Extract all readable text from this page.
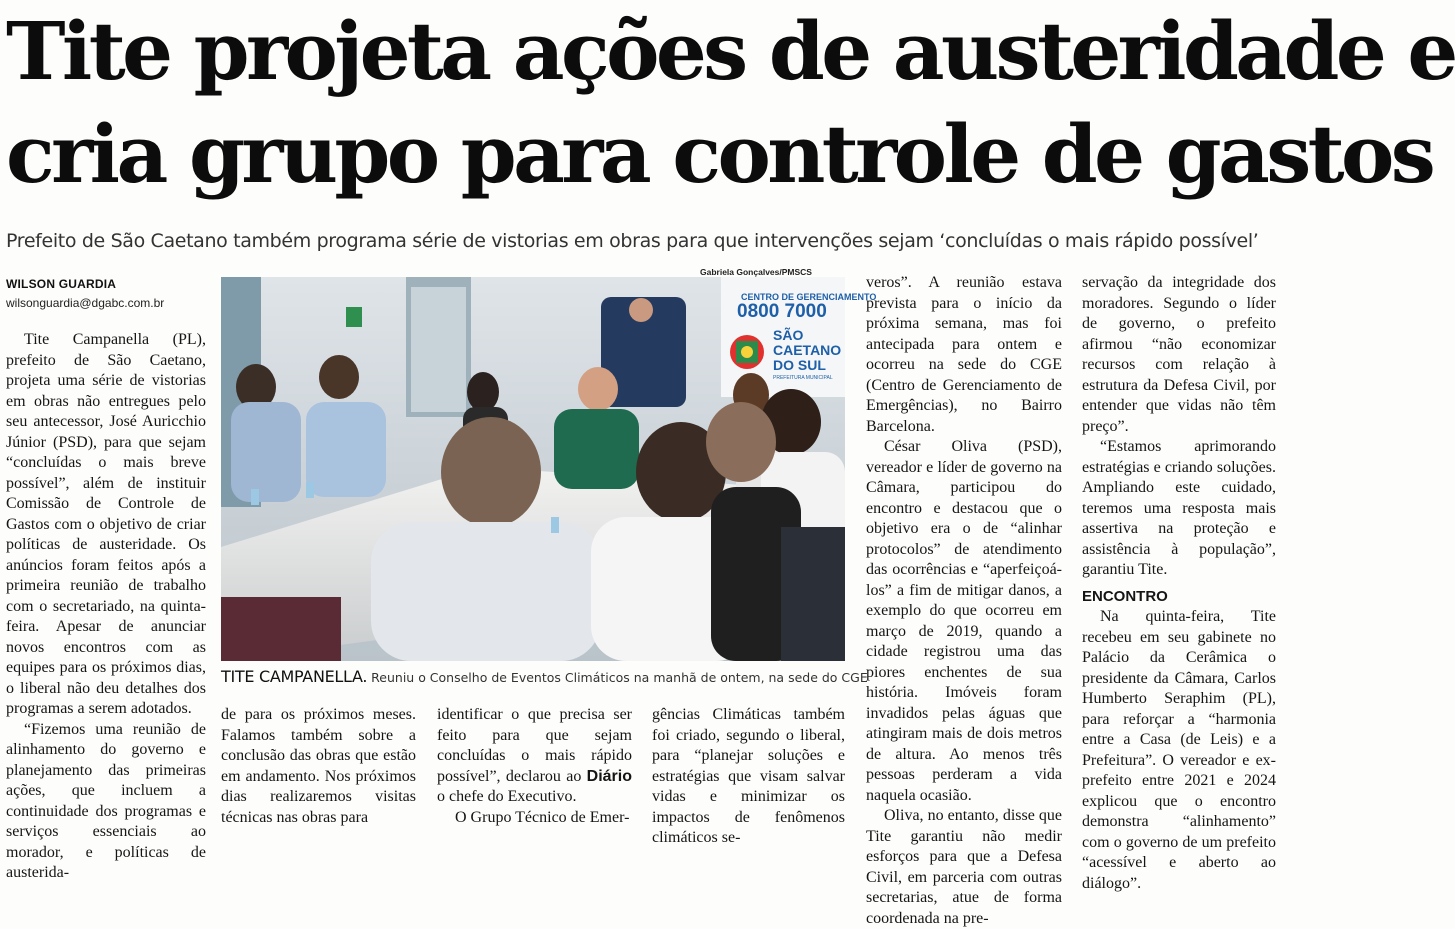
Tite projeta ações de austeridade e
cria grupo para controle de gastos
Prefeito de São Caetano também programa série de vistorias em obras para que intervenções sejam ‘concluídas o mais rápido possível’
WILSON GUARDIA
wilsonguardia@dgabc.com.br
Gabriela Gonçalves/PMSCS
CENTRO DE GERENCIAMENTO
0800 7000
SÃO
CAETANO
DO SUL
PREFEITURA MUNICIPAL
TITE CAMPANELLA. Reuniu o Conselho de Eventos Climáticos na manhã de ontem, na sede do CGE

Tite Campanella (PL), prefeito de São Caetano, projeta uma série de vistorias em obras não entregues pelo seu antecessor, José Auricchio Júnior (PSD), para que sejam “concluídas o mais breve possível”, além de instituir Comissão de Controle de Gastos com o objetivo de criar políticas de austeridade. Os anúncios foram feitos após a primeira reunião de trabalho com o secretariado, na quinta-feira. Apesar de anunciar novos encontros com as equipes para os próximos dias, o liberal não deu detalhes dos programas a serem adotados.

“Fizemos uma reunião de alinhamento do governo e planejamento das primeiras ações, que incluem a continuidade dos programas e serviços essenciais ao morador, e políticas de austerida-

de para os próximos meses. Falamos também sobre a conclusão das obras que estão em andamento. Nos próximos dias realizaremos visitas técnicas nas obras para

identificar o que precisa ser feito para que sejam concluídas o mais rápido possível”, declarou ao Diário o chefe do Executivo.

O Grupo Técnico de Emer-

gências Climáticas também foi criado, segundo o liberal, para “planejar soluções e estratégias que visam salvar vidas e minimizar os impactos de fenômenos climáticos se-

veros”. A reunião estava prevista para o início da próxima semana, mas foi antecipada para ontem e ocorreu na sede do CGE (Centro de Gerenciamento de Emergências), no Bairro Barcelona.

César Oliva (PSD), vereador e líder de governo na Câmara, participou do encontro e destacou que o objetivo era o de “alinhar protocolos” de atendimento das ocorrências e “aperfeiçoá-los” a fim de mitigar danos, a exemplo do que ocorreu em março de 2019, quando a cidade registrou uma das piores enchentes de sua história. Imóveis foram invadidos pelas águas que atingiram mais de dois metros de altura. Ao menos três pessoas perderam a vida naquela ocasião.

Oliva, no entanto, disse que Tite garantiu não medir esforços para que a Defesa Civil, em parceria com outras secretarias, atue de forma coordenada na pre-

servação da integridade dos moradores. Segundo o líder de governo, o prefeito afirmou “não economizar recursos com relação à estrutura da Defesa Civil, por entender que vidas não têm preço”.

“Estamos aprimorando estratégias e criando soluções. Ampliando este cuidado, teremos uma resposta mais assertiva na proteção e assistência à população”, garantiu Tite.

ENCONTRO

Na quinta-feira, Tite recebeu em seu gabinete no Palácio da Cerâmica o presidente da Câmara, Carlos Humberto Seraphim (PL), para reforçar a “harmonia entre a Casa (de Leis) e a Prefeitura”. O vereador e ex-prefeito entre 2021 e 2024 explicou que o encontro demonstra “alinhamento” com o governo de um prefeito “acessível e aberto ao diálogo”.
